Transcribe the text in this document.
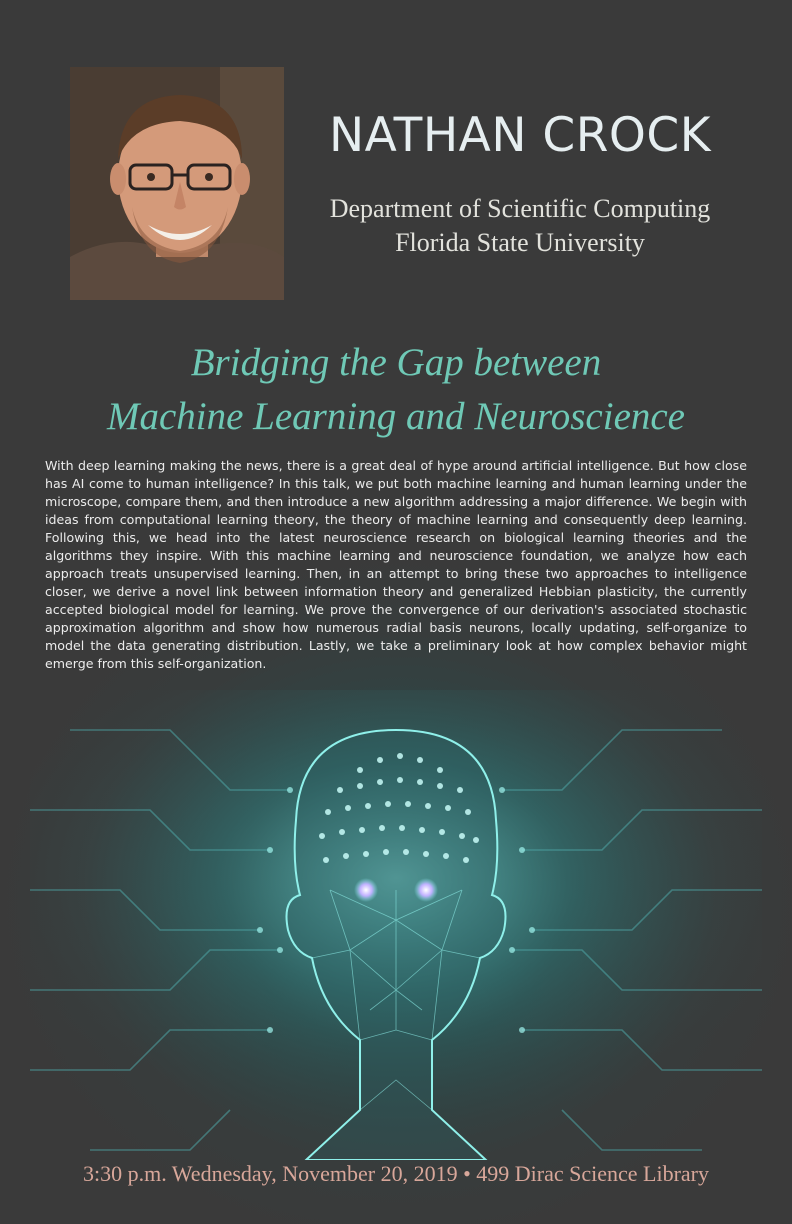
NATHAN CROCK
Department of Scientific Computing
Florida State University
Bridging the Gap between
Machine Learning and Neuroscience
With deep learning making the news, there is a great deal of hype around artificial intelligence. But how close has AI come to human intelligence? In this talk, we put both machine learning and human learning under the microscope, compare them, and then introduce a new algorithm addressing a major difference. We begin with ideas from computational learning theory, the theory of machine learning and consequently deep learning. Following this, we head into the latest neuroscience research on biological learning theories and the algorithms they inspire. With this machine learning and neuroscience foundation, we analyze how each approach treats unsupervised learning. Then, in an attempt to bring these two approaches to intelligence closer, we derive a novel link between information theory and generalized Hebbian plasticity, the currently accepted biological model for learning. We prove the convergence of our derivation's associated stochastic approximation algorithm and show how numerous radial basis neurons, locally updating, self-organize to model the data generating distribution. Lastly, we take a preliminary look at how complex behavior might emerge from this self-organization.
3:30 p.m. Wednesday, November 20, 2019 • 499 Dirac Science Library
